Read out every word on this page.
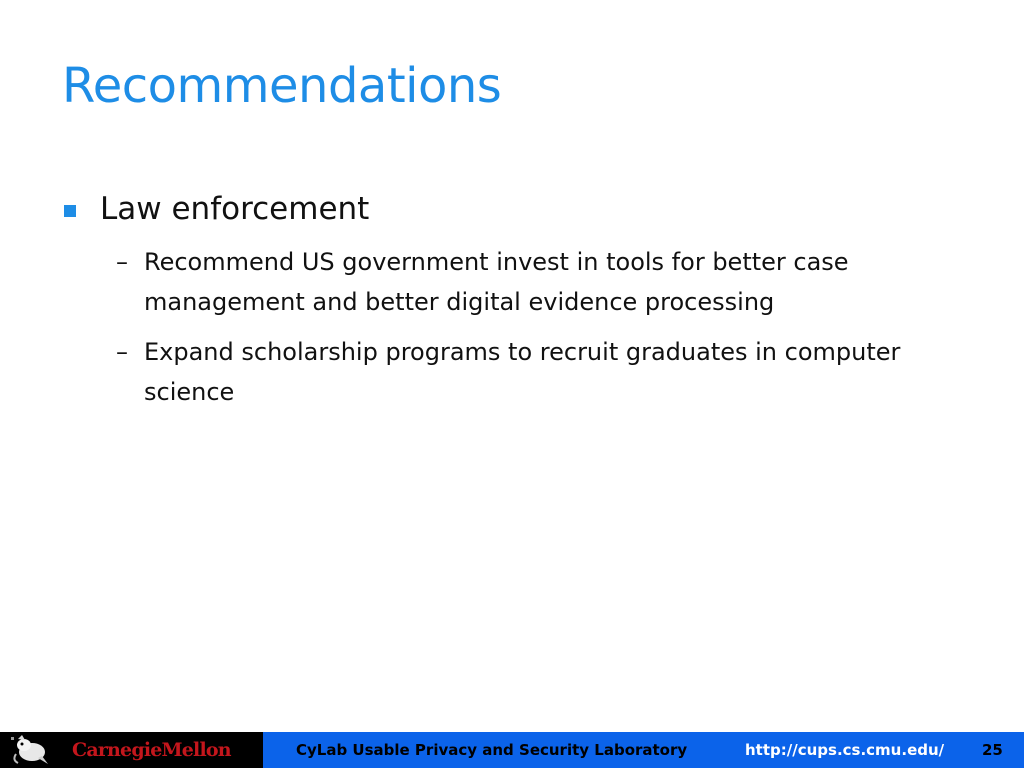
Recommendations
Law enforcement
– Recommend US government invest in tools for better case management and better digital evidence processing
– Expand scholarship programs to recruit graduates in computer science
CarnegieMellon	CyLab Usable Privacy and Security Laboratory	http://cups.cs.cmu.edu/	25
